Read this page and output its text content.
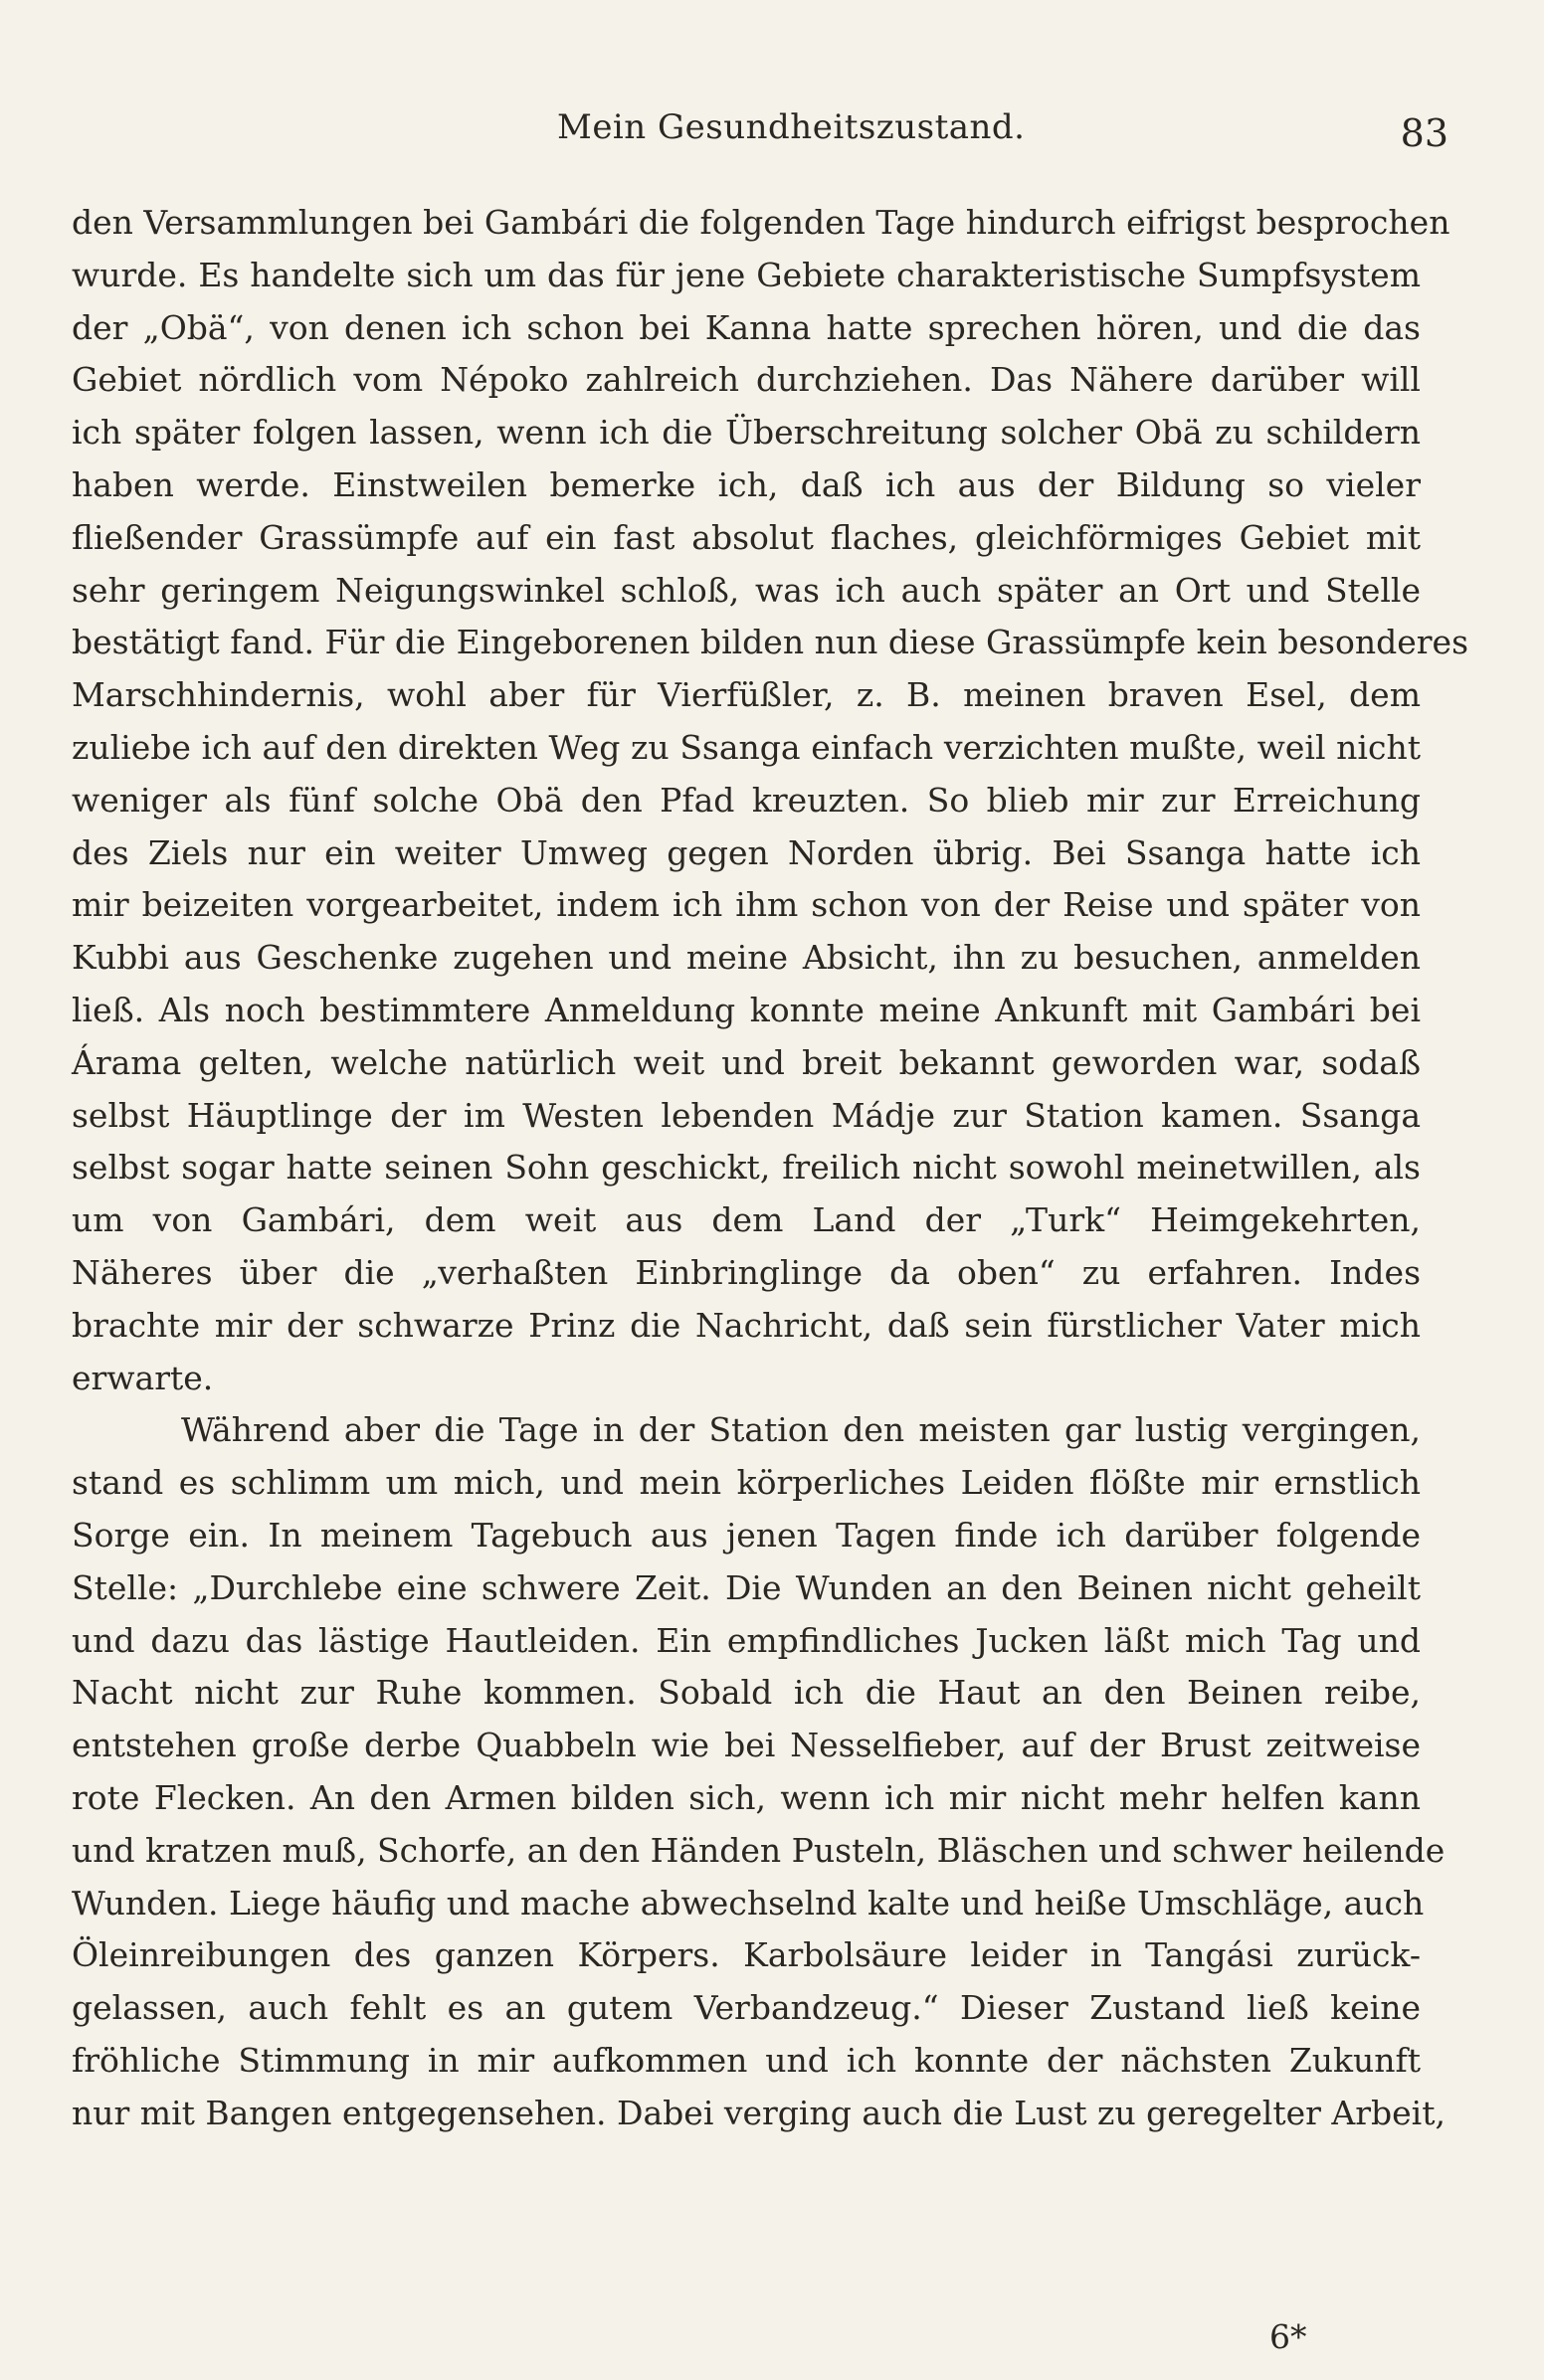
Mein Gesundheitszustand.	83
den Versammlungen bei Gambári die folgenden Tage hindurch eifrigst besprochen
wurde. Es handelte sich um das für jene Gebiete charakteristische Sumpfsystem
der „Obä“, von denen ich schon bei Kanna hatte sprechen hören, und die das
Gebiet nördlich vom Népoko zahlreich durchziehen. Das Nähere darüber will
ich später folgen lassen, wenn ich die Überschreitung solcher Obä zu schildern
haben werde. Einstweilen bemerke ich, daß ich aus der Bildung so vieler
fließender Grassümpfe auf ein fast absolut flaches, gleichförmiges Gebiet mit
sehr geringem Neigungswinkel schloß, was ich auch später an Ort und Stelle
bestätigt fand. Für die Eingeborenen bilden nun diese Grassümpfe kein besonderes
Marschhindernis, wohl aber für Vierfüßler, z. B. meinen braven Esel, dem
zuliebe ich auf den direkten Weg zu Ssanga einfach verzichten mußte, weil nicht
weniger als fünf solche Obä den Pfad kreuzten. So blieb mir zur Erreichung
des Ziels nur ein weiter Umweg gegen Norden übrig. Bei Ssanga hatte ich
mir beizeiten vorgearbeitet, indem ich ihm schon von der Reise und später von
Kubbi aus Geschenke zugehen und meine Absicht, ihn zu besuchen, anmelden
ließ. Als noch bestimmtere Anmeldung konnte meine Ankunft mit Gambári bei
Árama gelten, welche natürlich weit und breit bekannt geworden war, sodaß
selbst Häuptlinge der im Westen lebenden Mádje zur Station kamen. Ssanga
selbst sogar hatte seinen Sohn geschickt, freilich nicht sowohl meinetwillen, als
um von Gambári, dem weit aus dem Land der „Turk“ Heimgekehrten,
Näheres über die „verhaßten Einbringlinge da oben“ zu erfahren. Indes
brachte mir der schwarze Prinz die Nachricht, daß sein fürstlicher Vater mich
erwarte.
Während aber die Tage in der Station den meisten gar lustig vergingen,
stand es schlimm um mich, und mein körperliches Leiden flößte mir ernstlich
Sorge ein. In meinem Tagebuch aus jenen Tagen finde ich darüber folgende
Stelle: „Durchlebe eine schwere Zeit. Die Wunden an den Beinen nicht geheilt
und dazu das lästige Hautleiden. Ein empfindliches Jucken läßt mich Tag und
Nacht nicht zur Ruhe kommen. Sobald ich die Haut an den Beinen reibe,
entstehen große derbe Quabbeln wie bei Nesselfieber, auf der Brust zeitweise
rote Flecken. An den Armen bilden sich, wenn ich mir nicht mehr helfen kann
und kratzen muß, Schorfe, an den Händen Pusteln, Bläschen und schwer heilende
Wunden. Liege häufig und mache abwechselnd kalte und heiße Umschläge, auch
Öleinreibungen des ganzen Körpers. Karbolsäure leider in Tangási zurück-
gelassen, auch fehlt es an gutem Verbandzeug.“ Dieser Zustand ließ keine
fröhliche Stimmung in mir aufkommen und ich konnte der nächsten Zukunft
nur mit Bangen entgegensehen. Dabei verging auch die Lust zu geregelter Arbeit,
6*
